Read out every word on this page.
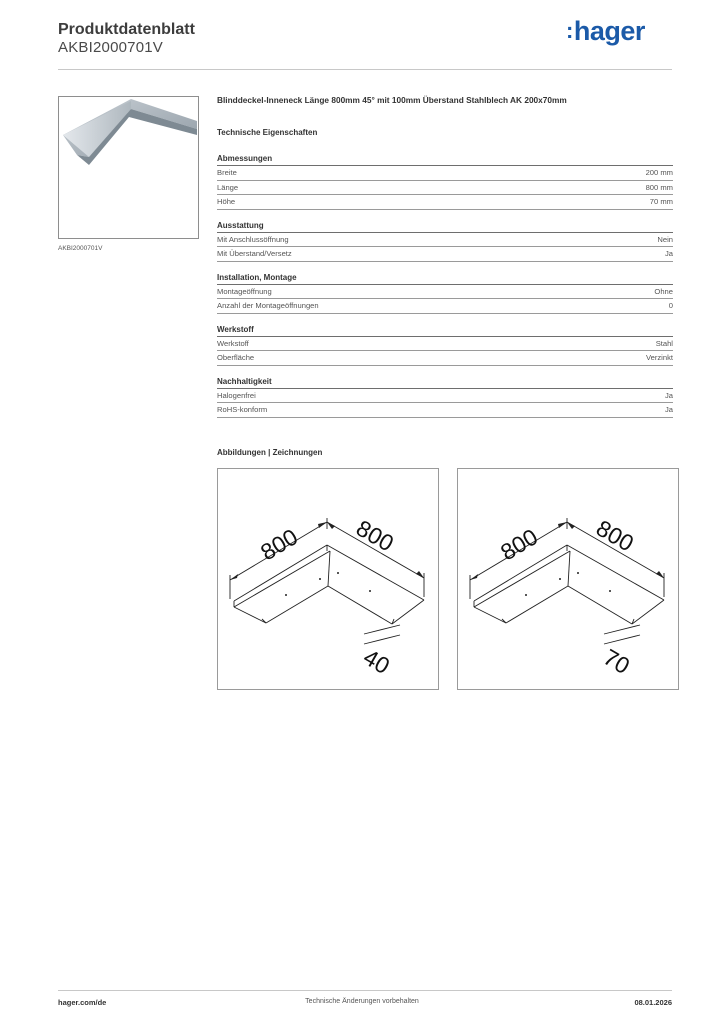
Produktdatenblatt
AKBI2000701V
:hager
AKBI2000701V
Blinddeckel-Inneneck Länge 800mm 45° mit 100mm Überstand Stahlblech AK 200x70mm
Technische Eigenschaften
Abmessungen
Breite	200 mm
Länge	800 mm
Höhe	70 mm
Ausstattung
Mit Anschlussöffnung	Nein
Mit Überstand/Versetz	Ja
Installation, Montage
Montageöffnung	Ohne
Anzahl der Montageöffnungen	0
Werkstoff
Werkstoff	Stahl
Oberfläche	Verzinkt
Nachhaltigkeit
Halogenfrei	Ja
RoHS-konform	Ja
Abbildungen | Zeichnungen
800 800
40
800 800
70
hager.com/de	Technische Änderungen vorbehalten	08.01.2026
